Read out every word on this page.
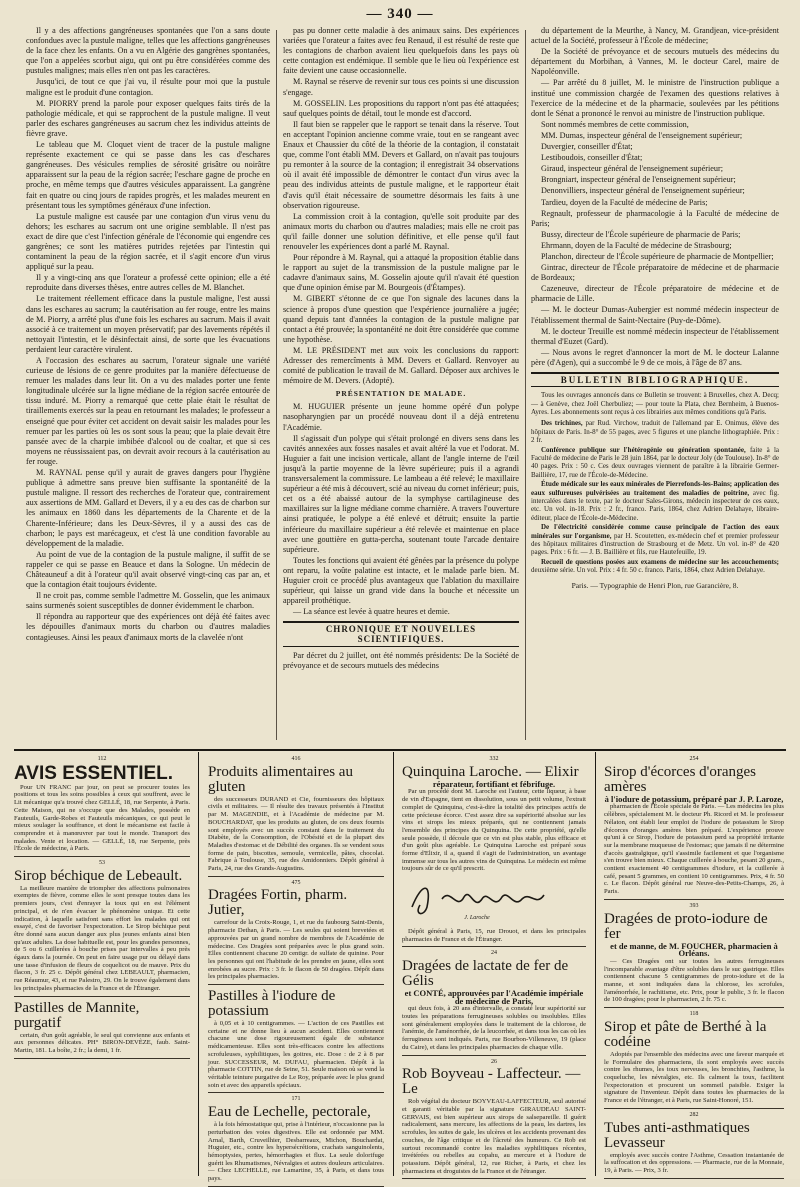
— 340 —

Il y a des affections gangréneuses spontanées que l'on a sans doute confondues avec la pustule maligne, telles que les affections gangréneuses de la face chez les enfants. On a vu en Algérie des gangrènes spontanées, que l'on a appelées scorbut aigu, qui ont pu être considérées comme des pustules malignes; mais elles n'en ont pas les caractères.

Jusqu'ici, de tout ce que j'ai vu, il résulte pour moi que la pustule maligne est le produit d'une contagion.

M. PIORRY prend la parole pour exposer quelques faits tirés de la pathologie médicale, et qui se rapprochent de la pustule maligne. Il veut parler des eschares gangréneuses au sacrum chez les individus atteints de fièvre grave.

Le tableau que M. Cloquet vient de tracer de la pustule maligne représente exactement ce qui se passe dans les cas d'eschares gangréneuses. Des vésicules remplies de sérosité grisâtre ou noirâtre apparaissent sur la peau de la région sacrée; l'eschare gagne de proche en proche, en même temps que d'autres vésicules apparaissent. La gangrène fait en quatre ou cinq jours de rapides progrès, et les malades meurent en présentant tous les symptômes généraux d'une infection.

La pustule maligne est causée par une contagion d'un virus venu du dehors; les eschares au sacrum ont une origine semblable. Il n'est pas exact de dire que c'est l'infection générale de l'économie qui engendre ces gangrènes; ce sont les matières putrides rejetées par l'intestin qui contaminent la peau de la région sacrée, et il s'agit encore d'un virus appliqué sur la peau.

Il y a vingt-cinq ans que l'orateur a professé cette opinion; elle a été reproduite dans diverses thèses, entre autres celles de M. Blanchet.

Le traitement réellement efficace dans la pustule maligne, l'est aussi dans les eschares au sacrum; la cautérisation au fer rouge, entre les mains de M. Piorry, a arrêté plus d'une fois les eschares au sacrum. Mais il avait associé à ce traitement un moyen préservatif; par des lavements répétés il nettoyait l'intestin, et le désinfectait ainsi, de sorte que les évacuations perdaient leur caractère virulent.

A l'occasion des eschares au sacrum, l'orateur signale une variété curieuse de lésions de ce genre produites par la manière défectueuse de remuer les malades dans leur lit. On a vu des malades porter une fente longitudinale ulcérée sur la ligne médiane de la région sacrée entourée de tissu induré. M. Piorry a remarqué que cette plaie était le résultat de tiraillements exercés sur la peau en retournant les malades; le professeur a enseigné que pour éviter cet accident on devait saisir les malades pour les remuer par les parties où les os sont sous la peau; que la plaie devait être pansée avec de la charpie imbibée d'alcool ou de coaltar, et que si ces moyens ne réussissaient pas, on devrait avoir recours à la cautérisation au fer rouge.

M. RAYNAL pense qu'il y aurait de graves dangers pour l'hygiène publique à admettre sans preuve bien suffisante la spontanéité de la pustule maligne. Il ressort des recherches de l'orateur que, contrairement aux assertions de MM. Gallard et Devers, il y a eu des cas de charbon sur les animaux en 1860 dans les départements de la Charente et de la Charente-Inférieure; dans les Deux-Sèvres, il y a aussi des cas de charbon; le pays est marécageux, et c'est là une condition favorable au développement de la maladie.

Au point de vue de la contagion de la pustule maligne, il suffit de se rappeler ce qui se passe en Beauce et dans la Sologne. Un médecin de Châteauneuf a dit à l'orateur qu'il avait observé vingt-cinq cas par an, et que la contagion était toujours évidente.

Il ne croit pas, comme semble l'admettre M. Gosselin, que les animaux sains surmenés soient susceptibles de donner évidemment le charbon.

Il répondra au rapporteur que des expériences ont déjà été faites avec les dépouilles d'animaux morts du charbon ou d'autres maladies contagieuses. Ainsi les peaux d'animaux morts de la clavelée n'ont

pas pu donner cette maladie à des animaux sains. Des expériences variées que l'orateur a faites avec feu Renaud, il est résulté de reste que les contagions de charbon avaient lieu quelquefois dans les pays où cette contagion est endémique. Il semble que le lieu où l'expérience est faite devient une cause occasionnelle.

M. Raynal se réserve de revenir sur tous ces points si une discussion s'engage.

M. GOSSELIN. Les propositions du rapport n'ont pas été attaquées; sauf quelques points de détail, tout le monde est d'accord.

Il faut bien se rappeler que le rapport se tenait dans la réserve. Tout en acceptant l'opinion ancienne comme vraie, tout en se rangeant avec Enaux et Chaussier du côté de la théorie de la contagion, il constatait que, comme l'ont établi MM. Devers et Gallard, on n'avait pas toujours pu remonter à la source de la contagion; il enregistrait 34 observations où il avait été impossible de démontrer le contact d'un virus avec la peau des individus atteints de pustule maligne, et le rapporteur était d'avis qu'il était nécessaire de soumettre désormais les faits à une observation rigoureuse.

La commission croit à la contagion, qu'elle soit produite par des animaux morts du charbon ou d'autres maladies; mais elle ne croit pas qu'il faille donner une solution définitive, et elle pense qu'il faut renouveler les expériences dont a parlé M. Raynal.

Pour répondre à M. Raynal, qui a attaqué la proposition établie dans le rapport au sujet de la transmission de la pustule maligne par le cadavre d'animaux sains, M. Gosselin ajoute qu'il n'avait été question que d'une opinion émise par M. Bourgeois (d'Étampes).

M. GIBERT s'étonne de ce que l'on signale des lacunes dans la science à propos d'une question que l'expérience journalière a jugée; quand depuis tant d'années la contagion de la pustule maligne par contact a été prouvée; la spontanéité ne doit être considérée que comme une hypothèse.

M. LE PRÉSIDENT met aux voix les conclusions du rapport: Adresser des remercîments à MM. Devers et Gallard. Renvoyer au comité de publication le travail de M. Gallard. Déposer aux archives le mémoire de M. Devers. (Adopté).

PRÉSENTATION DE MALADE.

M. HUGUIER présente un jeune homme opéré d'un polype nasopharyngien par un procédé nouveau dont il a déjà entretenu l'Académie.

Il s'agissait d'un polype qui s'était prolongé en divers sens dans les cavités annexées aux fosses nasales et avait altéré la vue et l'odorat. M. Huguier a fait une incision verticale, allant de l'angle interne de l'œil jusqu'à la partie moyenne de la lèvre supérieure; puis il a agrandi transversalement la commissure. Le lambeau a été relevé; le maxillaire supérieur a été mis à découvert, scié au niveau du cornet inférieur; puis, cet os a été abaissé autour de la symphyse cartilagineuse des maxillaires sur la ligne médiane comme charnière. A travers l'ouverture ainsi pratiquée, le polype a été enlevé et détruit; ensuite la partie inférieure du maxillaire supérieur a été relevée et maintenue en place avec une gouttière en gutta-percha, soutenant toute l'arcade dentaire supérieure.

Toutes les fonctions qui avaient été gênées par la présence du polype ont reparu, la voûte palatine est intacte, et le malade parle bien. M. Huguier croit ce procédé plus avantageux que l'ablation du maxillaire supérieur, qui laisse un grand vide dans la bouche et nécessite un appareil prothétique.

— La séance est levée à quatre heures et demie.

CHRONIQUE ET NOUVELLES SCIENTIFIQUES.

Par décret du 2 juillet, ont été nommés présidents: De la Société de prévoyance et de secours mutuels des médecins

du département de la Meurthe, à Nancy, M. Grandjean, vice-président actuel de la Société, professeur à l'École de médecine;

De la Société de prévoyance et de secours mutuels des médecins du département du Morbihan, à Vannes, M. le docteur Carel, maire de Napoléonville.

— Par arrêté du 8 juillet, M. le ministre de l'instruction publique a institué une commission chargée de l'examen des questions relatives à l'exercice de la médecine et de la pharmacie, soulevées par les pétitions dont le Sénat a prononcé le renvoi au ministre de l'instruction publique.

Sont nommés membres de cette commission,

MM. Dumas, inspecteur général de l'enseignement supérieur;

Duvergier, conseiller d'État;

Lestiboudois, conseiller d'État;

Giraud, inspecteur général de l'enseignement supérieur;

Brongniart, inspecteur général de l'enseignement supérieur;

Denonvilliers, inspecteur général de l'enseignement supérieur;

Tardieu, doyen de la Faculté de médecine de Paris;

Regnault, professeur de pharmacologie à la Faculté de médecine de Paris;

Bussy, directeur de l'École supérieure de pharmacie de Paris;

Ehrmann, doyen de la Faculté de médecine de Strasbourg;

Planchon, directeur de l'École supérieure de pharmacie de Montpellier;

Gintrac, directeur de l'École préparatoire de médecine et de pharmacie de Bordeaux;

Cazeneuve, directeur de l'École préparatoire de médecine et de pharmacie de Lille.

— M. le docteur Dumas-Aubergier est nommé médecin inspecteur de l'établissement thermal de Saint-Nectaire (Puy-de-Dôme).

M. le docteur Treuille est nommé médecin inspecteur de l'établissement thermal d'Euzet (Gard).

— Nous avons le regret d'annoncer la mort de M. le docteur Lalanne père (d'Agen), qui a succombé le 9 de ce mois, à l'âge de 87 ans.

BULLETIN BIBLIOGRAPHIQUE.

Tous les ouvrages annoncés dans ce Bulletin se trouvent: à Bruxelles, chez A. Decq; — à Genève, chez Joël Cherbuliez; — pour toute la Plata, chez Bernheim, à Buenos-Ayres. Les abonnements sont reçus à ces librairies aux mêmes conditions qu'à Paris.

Des trichines, par Rud. Virchow, traduit de l'allemand par E. Onimus, élève des hôpitaux de Paris. In-8° de 55 pages, avec 5 figures et une planche lithographiée. Prix : 2 fr.

Conférence publique sur l'hétérogénie ou génération spontanée, faite à la Faculté de médecine de Paris le 28 juin 1864, par le docteur Joly (de Toulouse). In-8° de 40 pages. Prix : 50 c. Ces deux ouvrages viennent de paraître à la librairie Germer-Baillière, 17, rue de l'École-de-Médecine.

Étude médicale sur les eaux minérales de Pierrefonds-les-Bains; application des eaux sulfureuses pulvérisées au traitement des maladies de poitrine, avec fig. intercalées dans le texte, par le docteur Sales-Girons, médecin inspecteur de ces eaux, etc. Un vol. in-18. Prix : 2 fr., franco. Paris, 1864, chez Adrien Delahaye, libraire-éditeur, place de l'École-de-Médecine.

De l'électricité considérée comme cause principale de l'action des eaux minérales sur l'organisme, par H. Scoutetten, ex-médecin chef et premier professeur des hôpitaux militaires d'instruction de Strasbourg et de Metz. Un vol. in-8° de 420 pages. Prix : 6 fr. — J. B. Baillière et fils, rue Hautefeuille, 19.

Recueil de questions posées aux examens de médecine sur les accouchements; deuxième série. Un vol. Prix : 4 fr. 50 c. franco. Paris, 1864, chez Adrien Delahaye.

Paris. — Typographie de Henri Plon, rue Garancière, 8.
112
AVIS ESSENTIEL.

Pour UN FRANC par jour, on peut se procurer toutes les positions et tous les soins possibles à ceux qui souffrent, avec le Lit mécanique qu'a trouvé chez GELLÉ, 18, rue Serpente, à Paris. Cette Maison, qui ne s'occupe que des Malades, possède en Fauteuils, Garde-Robes et Fauteuils mécaniques, ce qui peut le mieux soulager la souffrance, et dont le mécanisme est facile à comprendre et à manœuvrer par tout le monde. Transport des malades. Vente et location. — GELLÉ, 18, rue Serpente, près l'École de médecine, à Paris.

53
Sirop béchique de Lebeault.

La meilleure manière de triompher des affections pulmonaires exemptes de fièvre, comme elles le sont presque toutes dans les premiers jours, c'est d'enrayer la toux qui en est l'élément principal, et de n'en évacuer le phénomène unique. Et cette indication, à laquelle satisfont sans effort les malades qui ont essayé, c'est de favoriser l'expectoration. Le Sirop béchique peut être donné sans aucun danger aux plus jeunes enfants ainsi bien qu'aux adultes. La dose habituelle est, pour les grandes personnes, de 5 ou 6 cuillerées à bouche prises par intervalles à peu près égaux dans la journée. On peut en faire usage pur ou délayé dans une tasse d'infusion de fleurs de coquelicot ou de mauve. Prix du flacon, 3 fr. 25 c. Dépôt général chez LEBEAULT, pharmacien, rue Réaumur, 43, et rue Palestro, 29. On le trouve également dans les principales pharmacies de la France et de l'Étranger.

Pastilles de Mannite, purgatif

certain, d'un goût agréable, le seul qui convienne aux enfants et aux personnes délicates. PH° BIRON-DEVÈZE, faub. Saint-Martin, 181. La boîte, 2 fr.; la demi, 1 fr.

416
Produits alimentaires au gluten

des successeurs DURAND et Cie, fournisseurs des hôpitaux civils et militaires. — Il résulte des travaux présentés à l'Institut par M. MAGENDIE, et à l'Académie de médecine par M. BOUCHARDAT, que les produits au gluten, de ces deux fournis sont employés avec un succès constant dans le traitement du Diabète, de la Consomption, de l'Obésité et de la plupart des Maladies d'estomac et de Débilité des organes. Ils se vendent sous forme de pain, biscottes, semoule, vermicelle, pâtes, chocolat. Fabrique à Toulouse, 35, rue des Amidonniers. Dépôt général à Paris, 24, rue des Grands-Augustins.

475
Dragées Fortin, pharm. Jutier,

carrefour de la Croix-Rouge, 1, et rue du faubourg Saint-Denis, pharmacie Dethan, à Paris. — Les seules qui soient brevetées et approuvées par un grand nombre de membres de l'Académie de médecine. Ces Dragées sont préparées avec le plus grand soin. Elles contiennent chacune 20 centigr. de sulfate de quinine. Pour les personnes qui ont l'habitude de les prendre en jaune, elles sont enrobées au sucre. Prix : 3 fr. le flacon de 50 dragées. Dépôt dans les principales pharmacies.

Pastilles à l'iodure de potassium

à 0,05 et à 10 centigrammes. — L'action de ces Pastilles est certaine et ne donne lieu à aucun accident. Elles contiennent chacune une dose rigoureusement égale de substance médicamenteuse. Elles sont très-efficaces contre les affections scrofuleuses, syphilitiques, les goitres, etc. Dose : de 2 à 8 par jour. SUCCESSEUR, M. DUFAU, pharmacien. Dépôt à la pharmacie COTTIN, rue de Seine, 51. Seule maison où se vend la véritable teinture purgative de Le Roy, préparée avec le plus grand soin et avec des appareils spéciaux.

171
Eau de Lechelle, pectorale,

à la fois hémostatique qui, prise à l'intérieur, n'occasionne pas la perturbation des voies digestives. Elle est ordonnée par MM. Arnal, Barth, Cruveilhier, Desbarreaux, Michon, Bouchardat, Huguier, etc., contre les hypersécrétions, crachats sanguinolents, hémoptysies, pertes, hémorrhagies et flux. La seule dolorifuge guérit les Rhumatismes, Névralgies et autres douleurs articulaires. — Chez LECHELLE, rue Lamartine, 35, à Paris, et dans tous pays.

332
Quinquina Laroche. — Elixir
réparateur, fortifiant et fébrifuge.

Par un procédé dont M. Laroche est l'auteur, cette liqueur, à base de vin d'Espagne, tient en dissolution, sous un petit volume, l'extrait complet de Quinquina, c'est-à-dire la totalité des principes actifs de cette précieuse écorce. C'est assez dire sa supériorité absolue sur les vins et sirops les mieux préparés, qui ne contiennent jamais l'ensemble des principes du Quinquina. De cette propriété, qu'elle seule possède, il découle que ce vin est plus stable, plus efficace et d'un goût plus agréable. Le Quinquina Laroche est préparé sous forme d'Elixir, il a, quand il s'agit de l'administration, un avantage immense sur tous les autres vins de Quinquina. Le médecin est même toujours sûr de ce qu'il prescrit.

J. Laroche

Dépôt général à Paris, 15, rue Drouot, et dans les principales pharmacies de France et de l'Étranger.

24
Dragées de lactate de fer de Gélis
et CONTÉ, approuvées par l'Académie impériale de médecine de Paris,

qui deux fois, à 20 ans d'intervalle, a constaté leur supériorité sur toutes les préparations ferrugineuses solubles ou insolubles. Elles sont généralement employées dans le traitement de la chlorose, de l'anémie, de l'aménorrhée, de la leucorrhée, et dans tous les cas où les ferrugineux sont indiqués. Paris, rue Bourbon-Villeneuve, 19 (place du Caire), et dans les principales pharmacies de chaque ville.

26
Rob Boyveau - Laffecteur. — Le

Rob végétal du docteur BOYVEAU-LAFFECTEUR, seul autorisé et garanti véritable par la signature GIRAUDEAU SAINT-GERVAIS, est bien supérieur aux sirops de salsepareille. Il guérit radicalement, sans mercure, les affections de la peau, les dartres, les scrofules, les suites de gale, les ulcères et les accidents provenant des couches, de l'âge critique et de l'âcreté des humeurs. Ce Rob est surtout recommandé contre les maladies syphilitiques récentes, invétérées ou rebelles au copahu, au mercure et à l'iodure de potassium. Dépôt général, 12, rue Richer, à Paris, et chez les pharmaciens et droguistes de la France et de l'étranger.

254
Sirop d'écorces d'oranges amères
à l'iodure de potassium, préparé par J. P. Laroze,

pharmacien de l'École spéciale de Paris. — Les médecins les plus célèbres, spécialement M. le docteur Ph. Ricord et M. le professeur Nélaton, ont établi leur emploi de l'iodure de potassium le Sirop d'écorces d'oranges amères bien préparé. L'expérience prouve qu'uni à ce Sirop, l'iodure de potassium perd sa propriété irritante sur la membrane muqueuse de l'estomac; que jamais il ne détermine d'accès gastralgique, qu'il s'assimile facilement et que l'organisme s'en trouve bien mieux. Chaque cuillerée à bouche, pesant 20 gram., contient exactement 40 centigrammes d'iodure, et la cuillerée à café, pesant 5 grammes, en contient 10 centigrammes. Prix, 4 fr. 50 c. Le flacon. Dépôt général rue Neuve-des-Petits-Champs, 26, à Paris.

393
Dragées de proto-iodure de fer
et de manne, de M. FOUCHER, pharmacien à Orléans.

— Ces Dragées ont sur toutes les autres ferrugineuses l'incomparable avantage d'être solubles dans le suc gastrique. Elles contiennent chacune 5 centigrammes de proto-iodure et de la manne, et sont indiquées dans la chlorose, les scrofules, l'aménorrhée, le rachitisme, etc. Prix, pour le public, 3 fr. le flacon de 100 dragées; pour le pharmacien, 2 fr. 75 c.

118
Sirop et pâte de Berthé à la codéine

Adoptés par l'ensemble des médecins avec une faveur marquée et le Formulaire des pharmaciens, ils sont employés avec succès contre les rhumes, les toux nerveuses, les bronchites, l'asthme, la coqueluche, les névralgies, etc. Ils calment la toux, facilitent l'expectoration et procurent un sommeil paisible. Exiger la signature de l'inventeur. Dépôt dans toutes les pharmacies de la France et de l'étranger, et à Paris, rue Saint-Honoré, 151.

282
Tubes anti-asthmatiques Levasseur

employés avec succès contre l'Asthme, Cessation instantanée de la suffocation et des oppressions. — Pharmacie, rue de la Monnaie, 19, à Paris. — Prix, 3 fr.
